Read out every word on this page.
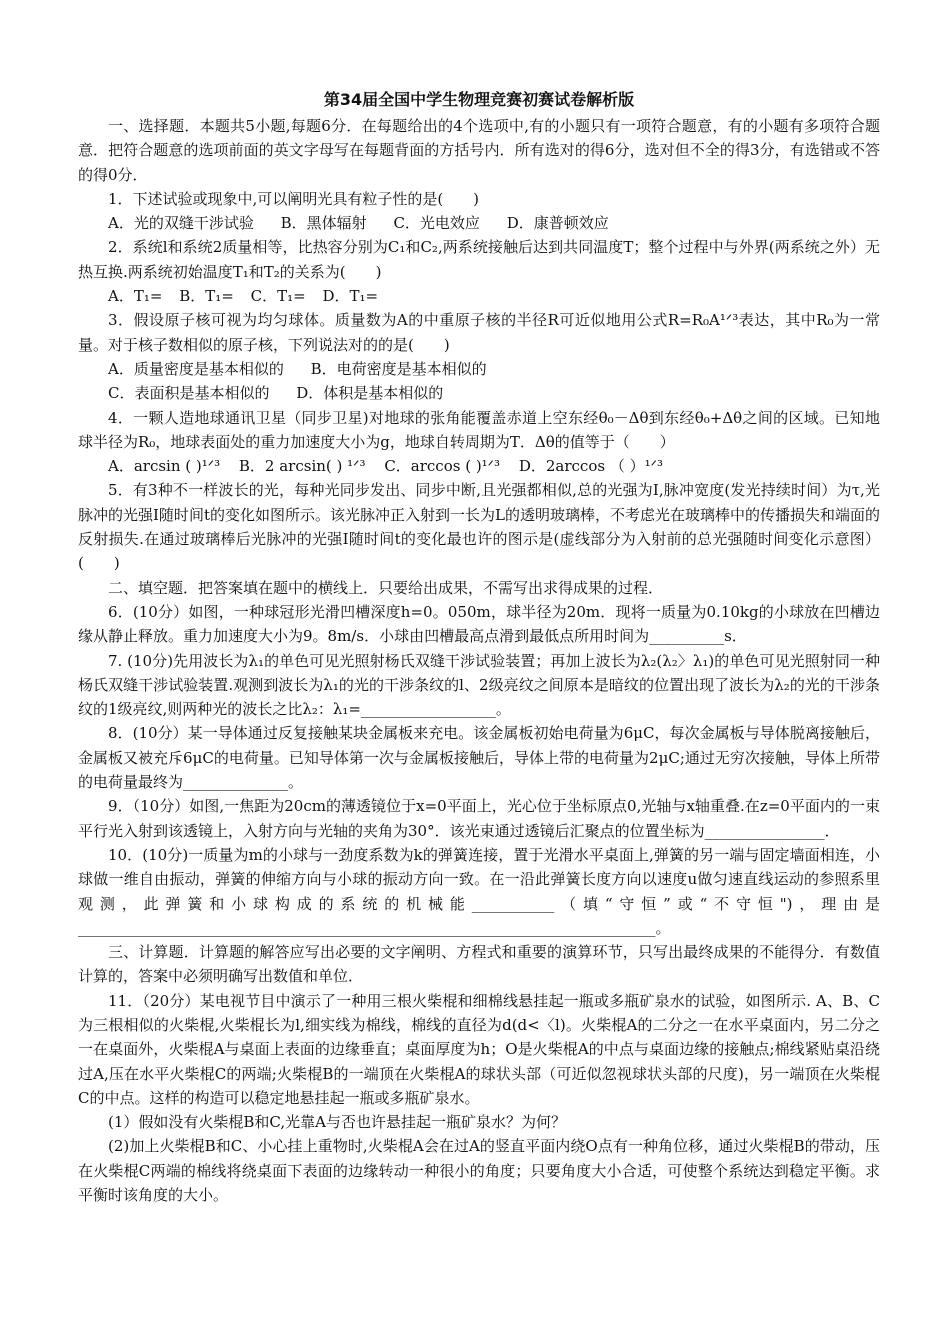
第34届全国中学生物理竞赛初赛试卷解析版

一、选择题．本题共5小题,每题6分．在每题给出的4个选项中,有的小题只有一项符合题意，有的小题有多项符合题意．把符合题意的选项前面的英文字母写在每题背面的方括号内．所有选对的得6分，选对但不全的得3分，有选错或不答的得0分．

1．下述试验或现象中,可以阐明光具有粒子性的是(　　)

A．光的双缝干涉试验 B．黑体辐射 C．光电效应 D．康普顿效应

2．系统l和系统2质量相等，比热容分别为C₁和C₂,两系统接触后达到共同温度T；整个过程中与外界(两系统之外）无热互换.两系统初始温度T₁和T₂的关系为(　　)

A．T₁= B．T₁= C．T₁= D．T₁=

3．假设原子核可视为均匀球体。质量数为A的中重原子核的半径R可近似地用公式R=R₀A¹ᐟ³表达，其中R₀为一常量。对于核子数相似的原子核，下列说法对的的是(　　)

A．质量密度是基本相似的 B．电荷密度是基本相似的

C．表面积是基本相似的 D．体积是基本相似的

4．一颗人造地球通讯卫星（同步卫星)对地球的张角能覆盖赤道上空东经θ₀－Δθ到东经θ₀+Δθ之间的区域。已知地球半径为R₀，地球表面处的重力加速度大小为g，地球自转周期为T．Δθ的值等于（　　）

A．arcsin ( )¹ᐟ³ B．2 arcsin( ) ¹ᐟ³ C．arccos ( )¹ᐟ³ D．2arccos （ ）¹ᐟ³

5．有3种不一样波长的光，每种光同步发出、同步中断,且光强都相似,总的光强为I,脉冲宽度(发光持续时间）为τ,光脉冲的光强I随时间t的变化如图所示。该光脉冲正入射到一长为L的透明玻璃棒，不考虑光在玻璃棒中的传播损失和端面的反射损失.在通过玻璃棒后光脉冲的光强I随时间t的变化最也许的图示是(虚线部分为入射前的总光强随时间变化示意图）(　　)

二、填空题．把答案填在题中的横线上．只要给出成果，不需写出求得成果的过程．

6．(10分）如图，一种球冠形光滑凹槽深度h=0。050m，球半径为20m．现将一质量为0.10kg的小球放在凹槽边缘从静止释放。重力加速度大小为9。8m/s．小球由凹槽最高点滑到最低点所用时间为__________s．

7. (10分)先用波长为λ₁的单色可见光照射杨氏双缝干涉试验装置；再加上波长为λ₂(λ₂〉λ₁)的单色可见光照射同一种杨氏双缝干涉试验装置.观测到波长为λ₁的光的干涉条纹的l、2级亮纹之间原本是暗纹的位置出现了波长为λ₂的光的干涉条纹的1级亮纹,则两种光的波长之比λ₂：λ₁=__________________。

8．(10分）某一导体通过反复接触某块金属板来充电。该金属板初始电荷量为6μC，每次金属板与导体脱离接触后，金属板又被充斥6μC的电荷量。已知导体第一次与金属板接触后，导体上带的电荷量为2μC;通过无穷次接触，导体上所带的电荷量最终为______________。

9．（10分）如图,一焦距为20cm的薄透镜位于x=0平面上，光心位于坐标原点0,光轴与x轴重叠.在z=0平面内的一束平行光入射到该透镜上，入射方向与光轴的夹角为30°．该光束通过透镜后汇聚点的位置坐标为________________．

10．(10分)一质量为m的小球与一劲度系数为k的弹簧连接，置于光滑水平桌面上,弹簧的另一端与固定墙面相连，小球做一维自由振动，弹簧的伸缩方向与小球的振动方向一致。在一沿此弹簧长度方向以速度u做匀速直线运动的参照系里观测，此弹簧和小球构成的系统的机械能___________（填“守恒”或“不守恒")，理由是_____________________________________________________________________________。

三、计算题．计算题的解答应写出必要的文字阐明、方程式和重要的演算环节，只写出最终成果的不能得分．有数值计算的，答案中必须明确写出数值和单位．

11．（20分）某电视节目中演示了一种用三根火柴棍和细棉线悬挂起一瓶或多瓶矿泉水的试验，如图所示. A、B、C为三根相似的火柴棍,火柴棍长为l,细实线为棉线，棉线的直径为d(d<〈l)。火柴棍A的二分之一在水平桌面内，另二分之一在桌面外，火柴棍A与桌面上表面的边缘垂直；桌面厚度为h；O是火柴棍A的中点与桌面边缘的接触点;棉线紧贴桌沿绕过A,压在水平火柴棍C的两端;火柴棍B的一端顶在火柴棍A的球状头部（可近似忽视球状头部的尺度)，另一端顶在火柴棍C的中点。这样的构造可以稳定地悬挂起一瓶或多瓶矿泉水。

(1）假如没有火柴棍B和C,光靠A与否也许悬挂起一瓶矿泉水？为何？

(2)加上火柴棍B和C、小心挂上重物时,火柴棍A会在过A的竖直平面内绕O点有一种角位移，通过火柴棍B的带动，压在火柴棍C两端的棉线将绕桌面下表面的边缘转动一种很小的角度；只要角度大小合适，可使整个系统达到稳定平衡。求平衡时该角度的大小。
